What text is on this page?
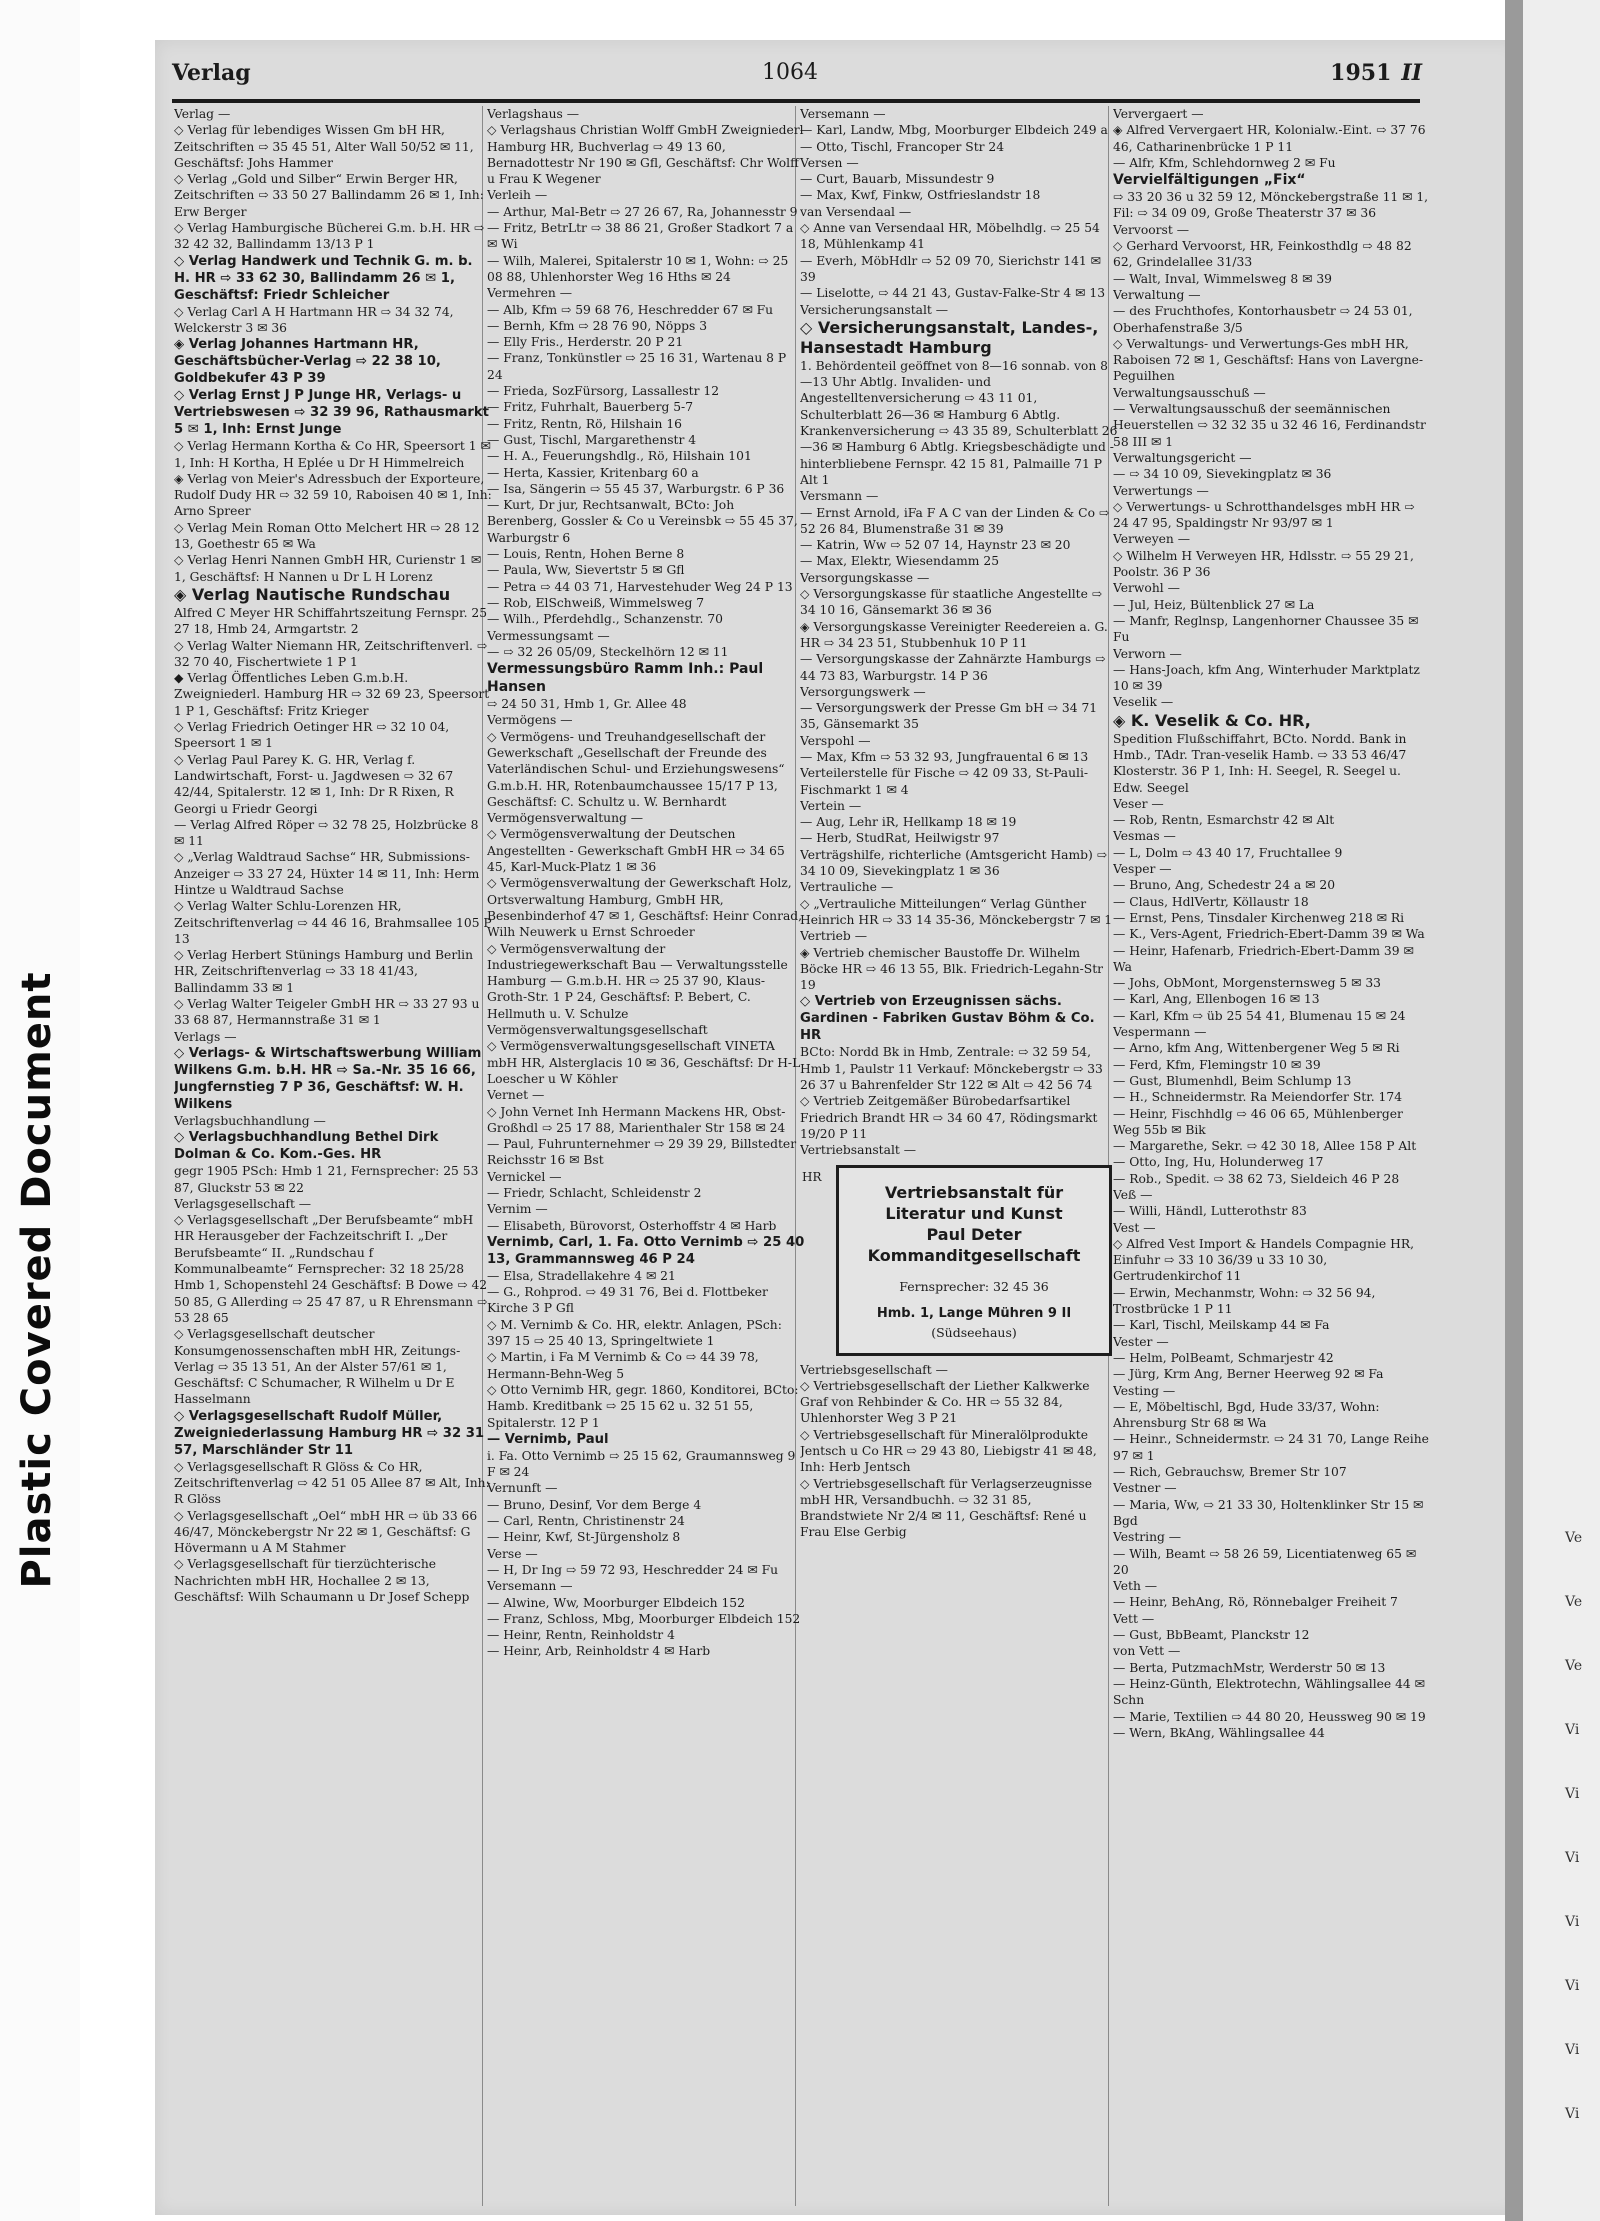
Plastic Covered Document
Verlag	1064	1951 II

Verlag —

◇ Verlag für lebendiges Wissen Gm bH HR, Zeitschriften ⇨ 35 45 51, Alter Wall 50/52 ✉ 11, Geschäftsf: Johs Hammer

◇ Verlag „Gold und Silber“ Erwin Berger HR, Zeitschriften ⇨ 33 50 27 Ballindamm 26 ✉ 1, Inh: Erw Berger

◇ Verlag Hamburgische Bücherei G.m. b.H. HR ⇨ 32 42 32, Ballindamm 13/13 P 1

◇ Verlag Handwerk und Technik G. m. b. H. HR ⇨ 33 62 30, Ballindamm 26 ✉ 1, Geschäftsf: Friedr Schleicher

◇ Verlag Carl A H Hartmann HR ⇨ 34 32 74, Welckerstr 3 ✉ 36

◈ Verlag Johannes Hartmann HR, Geschäftsbücher-Verlag ⇨ 22 38 10, Goldbekufer 43 P 39

◇ Verlag Ernst J P Junge HR, Verlags- u Vertriebswesen ⇨ 32 39 96, Rathausmarkt 5 ✉ 1, Inh: Ernst Junge

◇ Verlag Hermann Kortha & Co HR, Speersort 1 ✉ 1, Inh: H Kortha, H Eplée u Dr H Himmelreich

◈ Verlag von Meier's Adressbuch der Exporteure, Rudolf Dudy HR ⇨ 32 59 10, Raboisen 40 ✉ 1, Inh: Arno Spreer

◇ Verlag Mein Roman Otto Melchert HR ⇨ 28 12 13, Goethestr 65 ✉ Wa

◇ Verlag Henri Nannen GmbH HR, Curienstr 1 ✉ 1, Geschäftsf: H Nannen u Dr L H Lorenz

◈ Verlag Nautische Rundschau

Alfred C Meyer HR Schiffahrtszeitung Fernspr. 25 27 18, Hmb 24, Armgartstr. 2

◇ Verlag Walter Niemann HR, Zeitschriftenverl. ⇨ 32 70 40, Fischertwiete 1 P 1

◆ Verlag Öffentliches Leben G.m.b.H. Zweigniederl. Hamburg HR ⇨ 32 69 23, Speersort 1 P 1, Geschäftsf: Fritz Krieger

◇ Verlag Friedrich Oetinger HR ⇨ 32 10 04, Speersort 1 ✉ 1

◇ Verlag Paul Parey K. G. HR, Verlag f. Landwirtschaft, Forst- u. Jagdwesen ⇨ 32 67 42/44, Spitalerstr. 12 ✉ 1, Inh: Dr R Rixen, R Georgi u Friedr Georgi

— Verlag Alfred Röper ⇨ 32 78 25, Holzbrücke 8 ✉ 11

◇ „Verlag Waldtraud Sachse“ HR, Submissions-Anzeiger ⇨ 33 27 24, Hüxter 14 ✉ 11, Inh: Herm Hintze u Waldtraud Sachse

◇ Verlag Walter Schlu-Lorenzen HR, Zeitschriftenverlag ⇨ 44 46 16, Brahmsallee 105 P 13

◇ Verlag Herbert Stünings Hamburg und Berlin HR, Zeitschriftenverlag ⇨ 33 18 41/43, Ballindamm 33 ✉ 1

◇ Verlag Walter Teigeler GmbH HR ⇨ 33 27 93 u 33 68 87, Hermannstraße 31 ✉ 1

Verlags —

◇ Verlags- & Wirtschaftswerbung William Wilkens G.m. b.H. HR ⇨ Sa.-Nr. 35 16 66, Jungfernstieg 7 P 36, Geschäftsf: W. H. Wilkens

Verlagsbuchhandlung —

◇ Verlagsbuchhandlung Bethel Dirk Dolman & Co. Kom.-Ges. HR

gegr 1905 PSch: Hmb 1 21, Fernsprecher: 25 53 87, Gluckstr 53 ✉ 22

Verlagsgesellschaft —

◇ Verlagsgesellschaft „Der Berufsbeamte“ mbH HR Herausgeber der Fachzeitschrift I. „Der Berufsbeamte“ II. „Rundschau f Kommunalbeamte“ Fernsprecher: 32 18 25/28 Hmb 1, Schopenstehl 24 Geschäftsf: B Dowe ⇨ 42 50 85, G Allerding ⇨ 25 47 87, u R Ehrensmann ⇨ 53 28 65

◇ Verlagsgesellschaft deutscher Konsumgenossenschaften mbH HR, Zeitungs-Verlag ⇨ 35 13 51, An der Alster 57/61 ✉ 1, Geschäftsf: C Schumacher, R Wilhelm u Dr E Hasselmann

◇ Verlagsgesellschaft Rudolf Müller, Zweigniederlassung Hamburg HR ⇨ 32 31 57, Marschländer Str 11

◇ Verlagsgesellschaft R Glöss & Co HR, Zeitschriftenverlag ⇨ 42 51 05 Allee 87 ✉ Alt, Inh: R Glöss

◇ Verlagsgesellschaft „Oel“ mbH HR ⇨ üb 33 66 46/47, Mönckebergstr Nr 22 ✉ 1, Geschäftsf: G Hövermann u A M Stahmer

◇ Verlagsgesellschaft für tierzüchterische Nachrichten mbH HR, Hochallee 2 ✉ 13, Geschäftsf: Wilh Schaumann u Dr Josef Schepp

Verlagshaus —

◇ Verlagshaus Christian Wolff GmbH Zweigniederl Hamburg HR, Buchverlag ⇨ 49 13 60, Bernadottestr Nr 190 ✉ Gfl, Geschäftsf: Chr Wolff u Frau K Wegener

Verleih —

— Arthur, Mal-Betr ⇨ 27 26 67, Ra, Johannesstr 9

— Fritz, BetrLtr ⇨ 38 86 21, Großer Stadkort 7 a ✉ Wi

— Wilh, Malerei, Spitalerstr 10 ✉ 1, Wohn: ⇨ 25 08 88, Uhlenhorster Weg 16 Hths ✉ 24

Vermehren —

— Alb, Kfm ⇨ 59 68 76, Heschredder 67 ✉ Fu

— Bernh, Kfm ⇨ 28 76 90, Nöpps 3

— Elly Fris., Herderstr. 20 P 21

— Franz, Tonkünstler ⇨ 25 16 31, Wartenau 8 P 24

— Frieda, SozFürsorg, Lassallestr 12

— Fritz, Fuhrhalt, Bauerberg 5-7

— Fritz, Rentn, Rö, Hilshain 16

— Gust, Tischl, Margarethenstr 4

— H. A., Feuerungshdlg., Rö, Hilshain 101

— Herta, Kassier, Kritenbarg 60 a

— Isa, Sängerin ⇨ 55 45 37, Warburgstr. 6 P 36

— Kurt, Dr jur, Rechtsanwalt, BCto: Joh Berenberg, Gossler & Co u Vereinsbk ⇨ 55 45 37, Warburgstr 6

— Louis, Rentn, Hohen Berne 8

— Paula, Ww, Sievertstr 5 ✉ Gfl

— Petra ⇨ 44 03 71, Harvestehuder Weg 24 P 13

— Rob, ElSchweiß, Wimmelsweg 7

— Wilh., Pferdehdlg., Schanzenstr. 70

Vermessungsamt —

— ⇨ 32 26 05/09, Steckelhörn 12 ✉ 11

Vermessungsbüro Ramm Inh.: Paul Hansen

⇨ 24 50 31, Hmb 1, Gr. Allee 48

Vermögens —

◇ Vermögens- und Treuhandgesellschaft der Gewerkschaft „Gesellschaft der Freunde des Vaterländischen Schul- und Erziehungswesens“ G.m.b.H. HR, Rotenbaumchaussee 15/17 P 13, Geschäftsf: C. Schultz u. W. Bernhardt

Vermögensverwaltung —

◇ Vermögensverwaltung der Deutschen Angestellten - Gewerkschaft GmbH HR ⇨ 34 65 45, Karl-Muck-Platz 1 ✉ 36

◇ Vermögensverwaltung der Gewerkschaft Holz, Ortsverwaltung Hamburg, GmbH HR, Besenbinderhof 47 ✉ 1, Geschäftsf: Heinr Conrad, Wilh Neuwerk u Ernst Schroeder

◇ Vermögensverwaltung der Industriegewerkschaft Bau — Verwaltungsstelle Hamburg — G.m.b.H. HR ⇨ 25 37 90, Klaus-Groth-Str. 1 P 24, Geschäftsf: P. Bebert, C. Hellmuth u. V. Schulze

Vermögensverwaltungsgesellschaft

◇ Vermögensverwaltungsgesellschaft VINETA mbH HR, Alsterglacis 10 ✉ 36, Geschäftsf: Dr H-L Loescher u W Köhler

Vernet —

◇ John Vernet Inh Hermann Mackens HR, Obst-Großhdl ⇨ 25 17 88, Marienthaler Str 158 ✉ 24

— Paul, Fuhrunternehmer ⇨ 29 39 29, Billstedter Reichsstr 16 ✉ Bst

Vernickel —

— Friedr, Schlacht, Schleidenstr 2

Vernim —

— Elisabeth, Bürovorst, Osterhoffstr 4 ✉ Harb

Vernimb, Carl, 1. Fa. Otto Vernimb ⇨ 25 40 13, Grammannsweg 46 P 24

— Elsa, Stradellakehre 4 ✉ 21

— G., Rohprod. ⇨ 49 31 76, Bei d. Flottbeker Kirche 3 P Gfl

◇ M. Vernimb & Co. HR, elektr. Anlagen, PSch: 397 15 ⇨ 25 40 13, Springeltwiete 1

◇ Martin, i Fa M Vernimb & Co ⇨ 44 39 78, Hermann-Behn-Weg 5

◇ Otto Vernimb HR, gegr. 1860, Konditorei, BCto: Hamb. Kreditbank ⇨ 25 15 62 u. 32 51 55, Spitalerstr. 12 P 1

— Vernimb, Paul

i. Fa. Otto Vernimb ⇨ 25 15 62, Graumannsweg 9 F ✉ 24

Vernunft —

— Bruno, Desinf, Vor dem Berge 4

— Carl, Rentn, Christinenstr 24

— Heinr, Kwf, St-Jürgensholz 8

Verse —

— H, Dr Ing ⇨ 59 72 93, Heschredder 24 ✉ Fu

Versemann —

— Alwine, Ww, Moorburger Elbdeich 152

— Franz, Schloss, Mbg, Moorburger Elbdeich 152

— Heinr, Rentn, Reinholdstr 4

— Heinr, Arb, Reinholdstr 4 ✉ Harb

Versemann —

— Karl, Landw, Mbg, Moorburger Elbdeich 249 a

— Otto, Tischl, Francoper Str 24

Versen —

— Curt, Bauarb, Missundestr 9

— Max, Kwf, Finkw, Ostfrieslandstr 18

van Versendaal —

◇ Anne van Versendaal HR, Möbelhdlg. ⇨ 25 54 18, Mühlenkamp 41

— Everh, MöbHdlr ⇨ 52 09 70, Sierichstr 141 ✉ 39

— Liselotte, ⇨ 44 21 43, Gustav-Falke-Str 4 ✉ 13

Versicherungsanstalt —

◇ Versicherungsanstalt, Landes-, Hansestadt Hamburg

1. Behördenteil geöffnet von 8—16 sonnab. von 8—13 Uhr Abtlg. Invaliden- und Angestelltenversicherung ⇨ 43 11 01, Schulterblatt 26—36 ✉ Hamburg 6 Abtlg. Krankenversicherung ⇨ 43 35 89, Schulterblatt 26—36 ✉ Hamburg 6 Abtlg. Kriegsbeschädigte und -hinterbliebene Fernspr. 42 15 81, Palmaille 71 P Alt 1

Versmann —

— Ernst Arnold, iFa F A C van der Linden & Co ⇨ 52 26 84, Blumenstraße 31 ✉ 39

— Katrin, Ww ⇨ 52 07 14, Haynstr 23 ✉ 20

— Max, Elektr, Wiesendamm 25

Versorgungskasse —

◇ Versorgungskasse für staatliche Angestellte ⇨ 34 10 16, Gänsemarkt 36 ✉ 36

◈ Versorgungskasse Vereinigter Reedereien a. G. HR ⇨ 34 23 51, Stubbenhuk 10 P 11

— Versorgungskasse der Zahnärzte Hamburgs ⇨ 44 73 83, Warburgstr. 14 P 36

Versorgungswerk —

— Versorgungswerk der Presse Gm bH ⇨ 34 71 35, Gänsemarkt 35

Verspohl —

— Max, Kfm ⇨ 53 32 93, Jungfrauental 6 ✉ 13

Verteilerstelle für Fische ⇨ 42 09 33, St-Pauli-Fischmarkt 1 ✉ 4

Vertein —

— Aug, Lehr iR, Hellkamp 18 ✉ 19

— Herb, StudRat, Heilwigstr 97

Verträgshilfe, richterliche (Amtsgericht Hamb) ⇨ 34 10 09, Sievekingplatz 1 ✉ 36

Vertrauliche —

◇ „Vertrauliche Mitteilungen“ Verlag Günther Heinrich HR ⇨ 33 14 35-36, Mönckebergstr 7 ✉ 1

Vertrieb —

◈ Vertrieb chemischer Baustoffe Dr. Wilhelm Böcke HR ⇨ 46 13 55, Blk. Friedrich-Legahn-Str 19

◇ Vertrieb von Erzeugnissen sächs. Gardinen - Fabriken Gustav Böhm & Co. HR

BCto: Nordd Bk in Hmb, Zentrale: ⇨ 32 59 54, Hmb 1, Paulstr 11 Verkauf: Mönckebergstr ⇨ 33 26 37 u Bahrenfelder Str 122 ✉ Alt ⇨ 42 56 74

◇ Vertrieb Zeitgemäßer Bürobedarfsartikel Friedrich Brandt HR ⇨ 34 60 47, Rödingsmarkt 19/20 P 11

Vertriebsanstalt —

HR
Vertriebsanstalt für
Literatur und Kunst
Paul Deter
Kommanditgesellschaft
Fernsprecher: 32 45 36
Hmb. 1, Lange Mühren 9 II
(Südseehaus)

Vertriebsgesellschaft —

◇ Vertriebsgesellschaft der Liether Kalkwerke Graf von Rehbinder & Co. HR ⇨ 55 32 84, Uhlenhorster Weg 3 P 21

◇ Vertriebsgesellschaft für Mineralölprodukte Jentsch u Co HR ⇨ 29 43 80, Liebigstr 41 ✉ 48, Inh: Herb Jentsch

◇ Vertriebsgesellschaft für Verlagserzeugnisse mbH HR, Versandbuchh. ⇨ 32 31 85, Brandstwiete Nr 2/4 ✉ 11, Geschäftsf: René u Frau Else Gerbig

Ververgaert —

◈ Alfred Ververgaert HR, Kolonialw.-Eint. ⇨ 37 76 46, Catharinenbrücke 1 P 11

— Alfr, Kfm, Schlehdornweg 2 ✉ Fu

Vervielfältigungen „Fix“

⇨ 33 20 36 u 32 59 12, Mönckebergstraße 11 ✉ 1, Fil: ⇨ 34 09 09, Große Theaterstr 37 ✉ 36

Vervoorst —

◇ Gerhard Vervoorst, HR, Feinkosthdlg ⇨ 48 82 62, Grindelallee 31/33

— Walt, Inval, Wimmelsweg 8 ✉ 39

Verwaltung —

— des Fruchthofes, Kontorhausbetr ⇨ 24 53 01, Oberhafenstraße 3/5

◇ Verwaltungs- und Verwertungs-Ges mbH HR, Raboisen 72 ✉ 1, Geschäftsf: Hans von Lavergne-Peguilhen

Verwaltungsausschuß —

— Verwaltungsausschuß der seemännischen Heuerstellen ⇨ 32 32 35 u 32 46 16, Ferdinandstr 58 III ✉ 1

Verwaltungsgericht —

— ⇨ 34 10 09, Sievekingplatz ✉ 36

Verwertungs —

◇ Verwertungs- u Schrotthandelsges mbH HR ⇨ 24 47 95, Spaldingstr Nr 93/97 ✉ 1

Verweyen —

◇ Wilhelm H Verweyen HR, Hdlsstr. ⇨ 55 29 21, Poolstr. 36 P 36

Verwohl —

— Jul, Heiz, Bültenblick 27 ✉ La

— Manfr, Reglnsp, Langenhorner Chaussee 35 ✉ Fu

Verworn —

— Hans-Joach, kfm Ang, Winterhuder Marktplatz 10 ✉ 39

Veselik —

◈ K. Veselik & Co. HR,

Spedition Flußschiffahrt, BCto. Nordd. Bank in Hmb., TAdr. Tran-veselik Hamb. ⇨ 33 53 46/47 Klosterstr. 36 P 1, Inh: H. Seegel, R. Seegel u. Edw. Seegel

Veser —

— Rob, Rentn, Esmarchstr 42 ✉ Alt

Vesmas —

— L, Dolm ⇨ 43 40 17, Fruchtallee 9

Vesper —

— Bruno, Ang, Schedestr 24 a ✉ 20

— Claus, HdlVertr, Köllaustr 18

— Ernst, Pens, Tinsdaler Kirchenweg 218 ✉ Ri

— K., Vers-Agent, Friedrich-Ebert-Damm 39 ✉ Wa

— Heinr, Hafenarb, Friedrich-Ebert-Damm 39 ✉ Wa

— Johs, ObMont, Morgensternsweg 5 ✉ 33

— Karl, Ang, Ellenbogen 16 ✉ 13

— Karl, Kfm ⇨ üb 25 54 41, Blumenau 15 ✉ 24

Vespermann —

— Arno, kfm Ang, Wittenbergener Weg 5 ✉ Ri

— Ferd, Kfm, Flemingstr 10 ✉ 39

— Gust, Blumenhdl, Beim Schlump 13

— H., Schneidermstr. Ra Meiendorfer Str. 174

— Heinr, Fischhdlg ⇨ 46 06 65, Mühlenberger Weg 55b ✉ Bik

— Margarethe, Sekr. ⇨ 42 30 18, Allee 158 P Alt

— Otto, Ing, Hu, Holunderweg 17

— Rob., Spedit. ⇨ 38 62 73, Sieldeich 46 P 28

Veß —

— Willi, Händl, Lutterothstr 83

Vest —

◇ Alfred Vest Import & Handels Compagnie HR, Einfuhr ⇨ 33 10 36/39 u 33 10 30, Gertrudenkirchof 11

— Erwin, Mechanmstr, Wohn: ⇨ 32 56 94, Trostbrücke 1 P 11

— Karl, Tischl, Meilskamp 44 ✉ Fa

Vester —

— Helm, PolBeamt, Schmarjestr 42

— Jürg, Krm Ang, Berner Heerweg 92 ✉ Fa

Vesting —

— E, Möbeltischl, Bgd, Hude 33/37, Wohn: Ahrensburg Str 68 ✉ Wa

— Heinr., Schneidermstr. ⇨ 24 31 70, Lange Reihe 97 ✉ 1

— Rich, Gebrauchsw, Bremer Str 107

Vestner —

— Maria, Ww, ⇨ 21 33 30, Holtenklinker Str 15 ✉ Bgd

Vestring —

— Wilh, Beamt ⇨ 58 26 59, Licentiatenweg 65 ✉ 20

Veth —

— Heinr, BehAng, Rö, Rönnebalger Freiheit 7

Vett —

— Gust, BbBeamt, Planckstr 12

von Vett —

— Berta, PutzmachMstr, Werderstr 50 ✉ 13

— Heinz-Günth, Elektrotechn, Wählingsallee 44 ✉ Schn

— Marie, Textilien ⇨ 44 80 20, Heussweg 90 ✉ 19

— Wern, BkAng, Wählingsallee 44

Ve
Ve
Ve
Vi
Vi
Vi
Vi
Vi
Vi
Vi
